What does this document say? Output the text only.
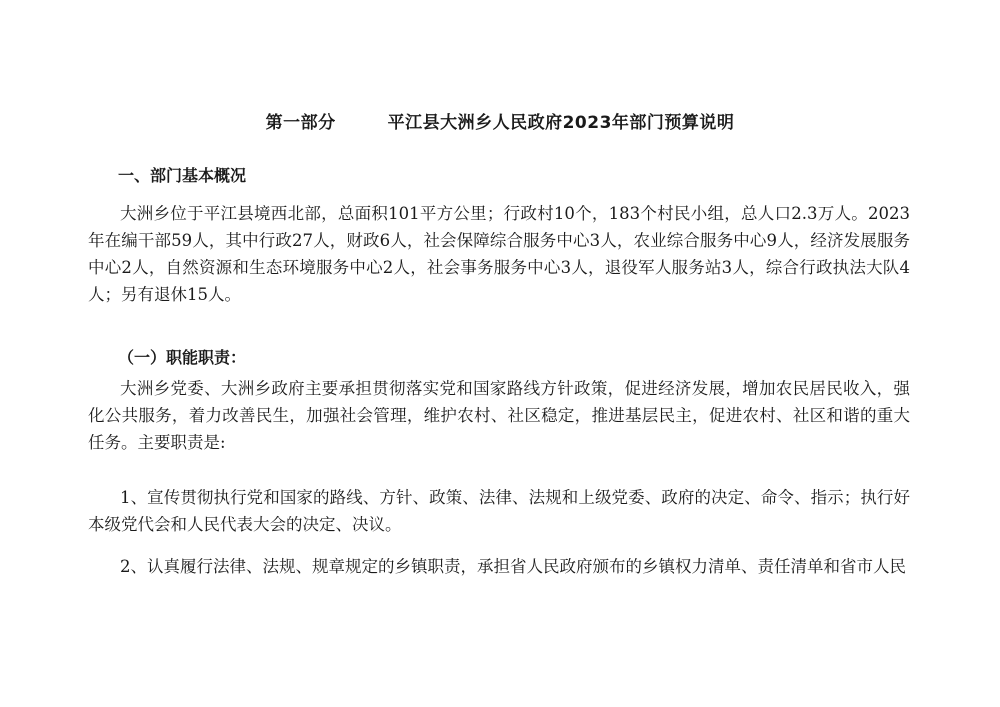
第一部分	平江县大洲乡人民政府2023年部门预算说明
一、部门基本概况

大洲乡位于平江县境西北部，总面积101平方公里；行政村10个，183个村民小组，总人口2.3万人。2023年在编干部59人，其中行政27人，财政6人，社会保障综合服务中心3人，农业综合服务中心9人，经济发展服务中心2人，自然资源和生态环境服务中心2人，社会事务服务中心3人，退役军人服务站3人，综合行政执法大队4人；另有退休15人。

（一）职能职责：

大洲乡党委、大洲乡政府主要承担贯彻落实党和国家路线方针政策，促进经济发展，增加农民居民收入，强化公共服务，着力改善民生，加强社会管理，维护农村、社区稳定，推进基层民主，促进农村、社区和谐的重大任务。主要职责是:

1、宣传贯彻执行党和国家的路线、方针、政策、法律、法规和上级党委、政府的决定、命令、指示；执行好本级党代会和人民代表大会的决定、决议。

2、认真履行法律、法规、规章规定的乡镇职责，承担省人民政府颁布的乡镇权力清单、责任清单和省市人民
